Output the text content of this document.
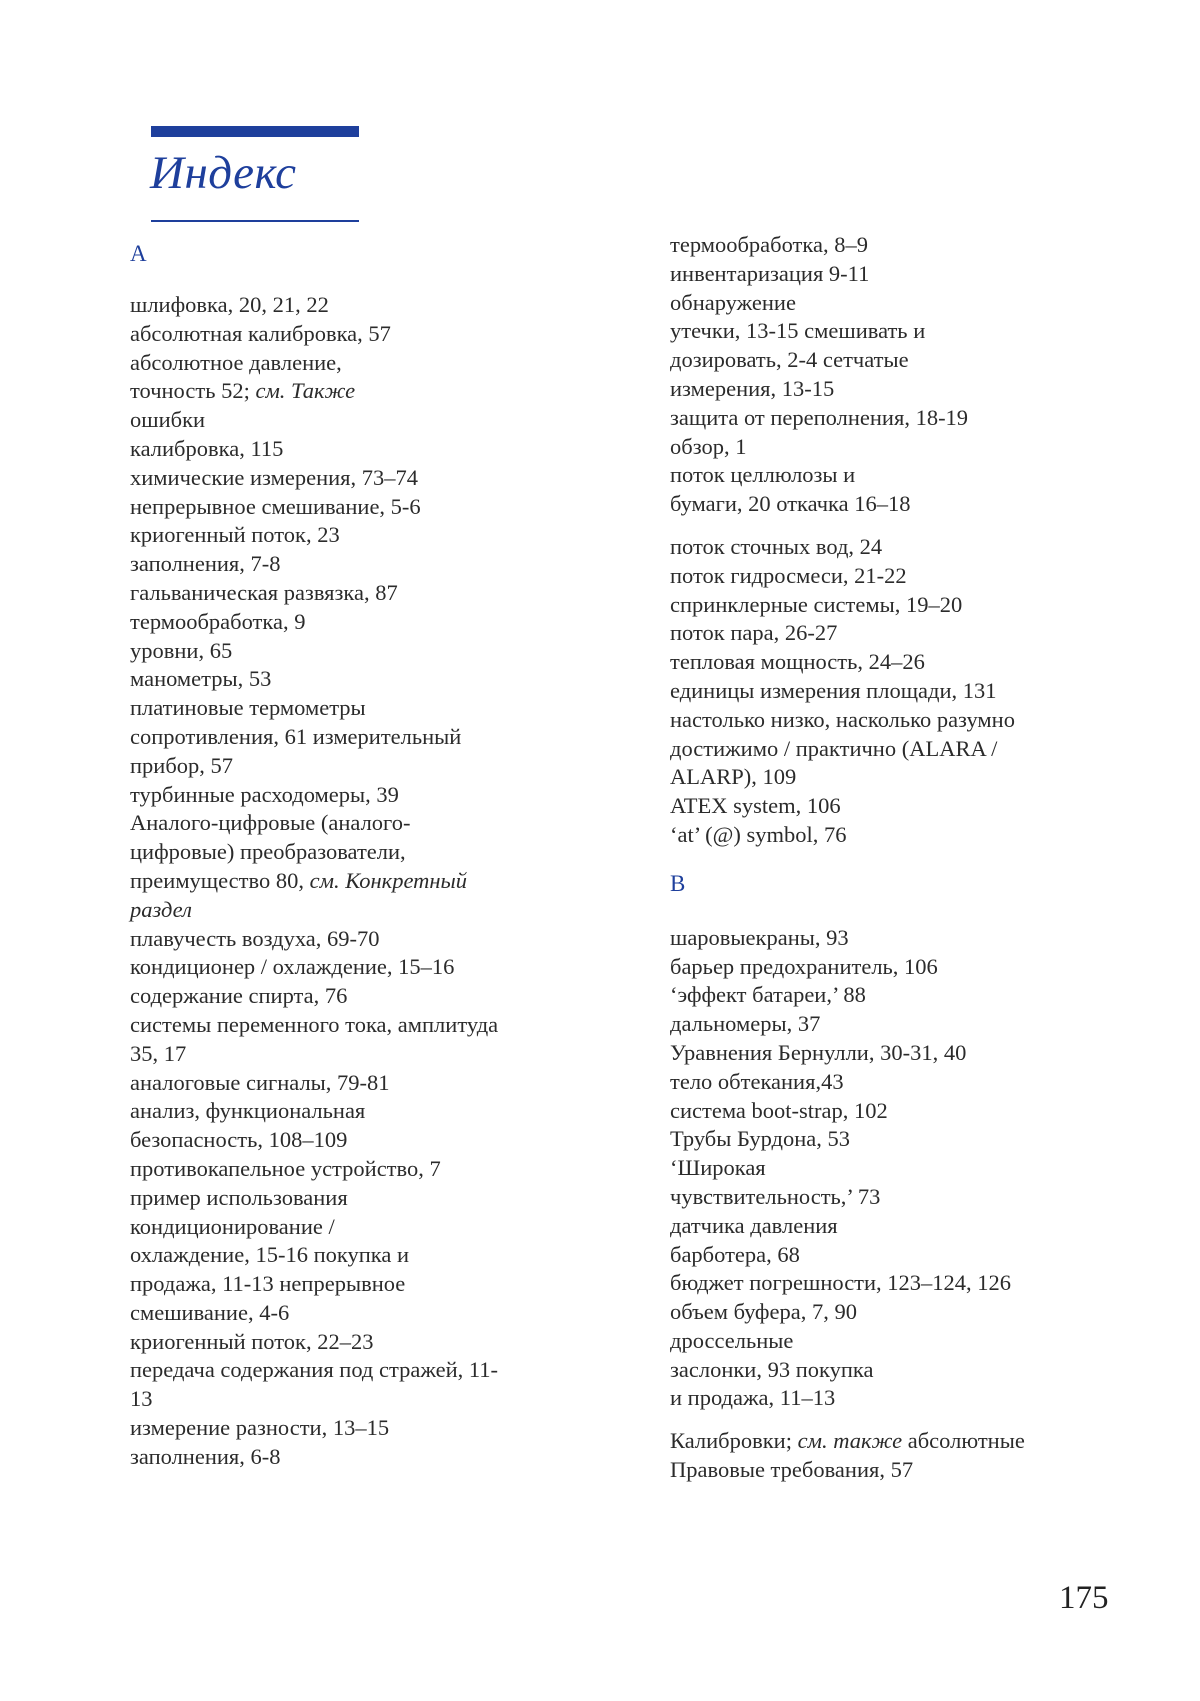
Индекс

A

шлифовка, 20, 21, 22

абсолютная калибровка, 57

абсолютное давление,

точность 52; см. Также

ошибки

калибровка, 115

химические измерения, 73–74

непрерывное смешивание, 5-6

криогенный поток, 23

заполнения, 7-8

гальваническая развязка, 87

термообработка, 9

уровни, 65

манометры, 53

платиновые термометры

сопротивления, 61 измерительный

прибор, 57

турбинные расходомеры, 39

Аналого-цифровые (аналого-

цифровые) преобразователи,

преимущество 80, см. Конкретный

раздел

плавучесть воздуха, 69-70

кондиционер / охлаждение, 15–16

содержание спирта, 76

системы переменного тока, амплитуда

35, 17

аналоговые сигналы, 79-81

анализ, функциональная

безопасность, 108–109

противокапельное устройство, 7

пример использования

кондиционирование /

охлаждение, 15-16 покупка и

продажа, 11-13 непрерывное

смешивание, 4-6

криогенный поток, 22–23

передача содержания под стражей, 11-

13

измерение разности, 13–15

заполнения, 6-8

термообработка, 8–9

инвентаризация 9-11

обнаружение

утечки, 13-15 смешивать и

дозировать, 2-4 сетчатые

измерения, 13-15

защита от переполнения, 18-19

обзор, 1

поток целлюлозы и

бумаги, 20 откачка 16–18

поток сточных вод, 24

поток гидросмеси, 21-22

спринклерные системы, 19–20

поток пара, 26-27

тепловая мощность, 24–26

единицы измерения площади, 131

настолько низко, насколько разумно

достижимо / практично (ALARA /

ALARP), 109

ATEX system, 106

‘at’ (@) symbol, 76

B

шаровыекраны, 93

барьер предохранитель, 106

‘эффект батареи,’ 88

дальномеры, 37

Уравнения Бернулли, 30-31, 40

тело обтекания,43

система boot-strap, 102

Трубы Бурдона, 53

‘Широкая

чувствительность,’ 73

датчика давления

барботера, 68

бюджет погрешности, 123–124, 126

объем буфера, 7, 90

дроссельные

заслонки, 93 покупка

и продажа, 11–13

Калибровки; см. также абсолютные

Правовые требования, 57

175
